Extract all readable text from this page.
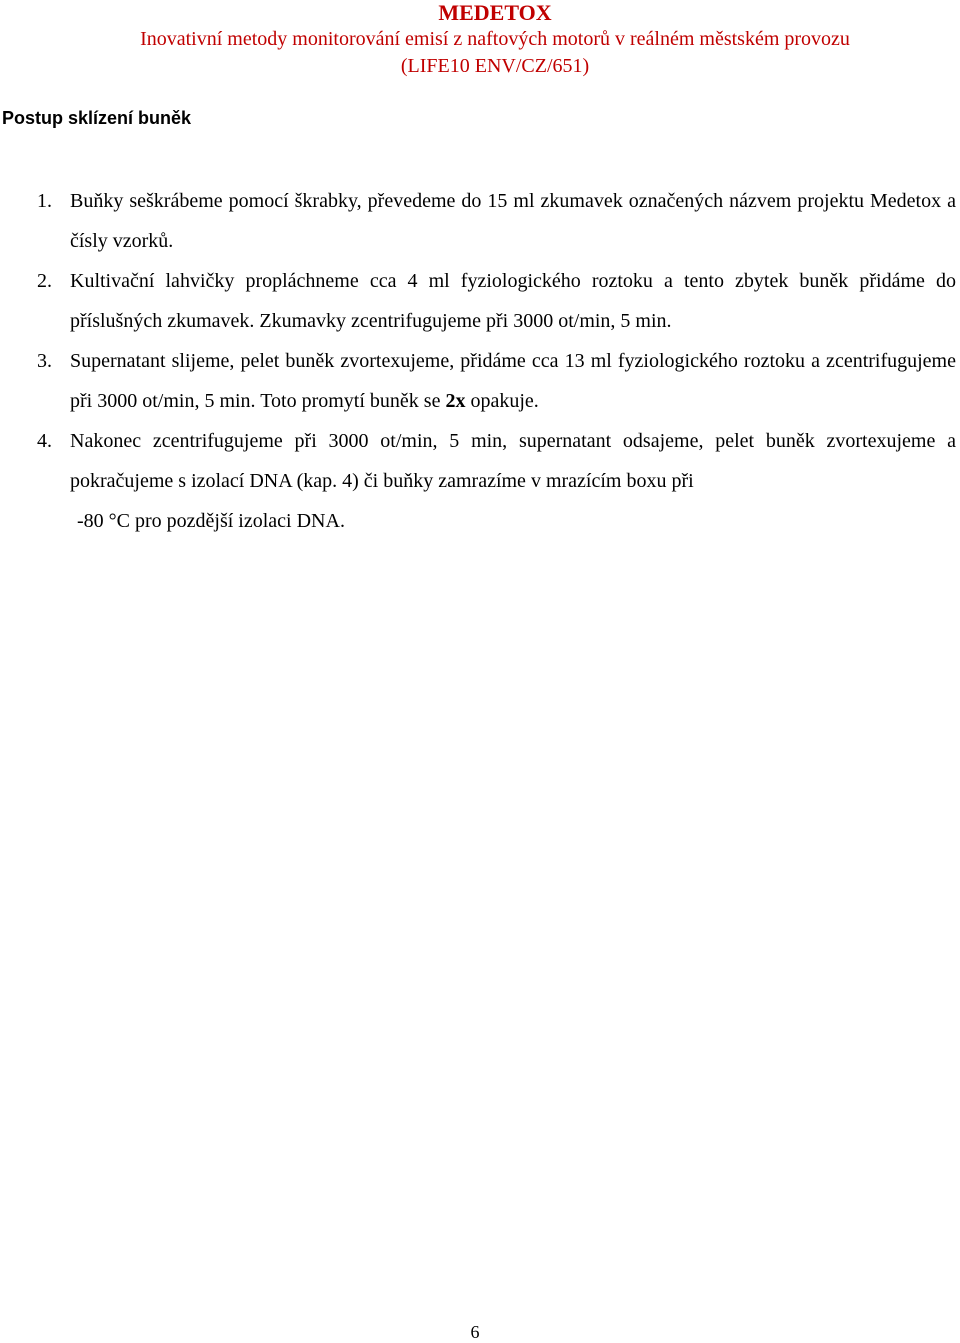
MEDETOX
Inovativní metody monitorování emisí z naftových motorů v reálném městském provozu
(LIFE10 ENV/CZ/651)
Postup sklízení buněk
1. Buňky seškrábeme pomocí škrabky, převedeme do 15 ml zkumavek označených názvem projektu Medetox a čísly vzorků.
2. Kultivační lahvičky propláchneme cca 4 ml fyziologického roztoku a tento zbytek buněk přidáme do příslušných zkumavek. Zkumavky zcentrifugujeme při 3000 ot/min, 5 min.
3. Supernatant slijeme, pelet buněk zvortexujeme, přidáme cca 13 ml fyziologického roztoku a zcentrifugujeme při 3000 ot/min, 5 min. Toto promytí buněk se 2x opakuje.
4. Nakonec zcentrifugujeme při 3000 ot/min, 5 min, supernatant odsajeme, pelet buněk zvortexujeme a pokračujeme s izolací DNA (kap. 4) či buňky zamrazíme v mrazícím boxu při
-80 °C pro pozdější izolaci DNA.
6
